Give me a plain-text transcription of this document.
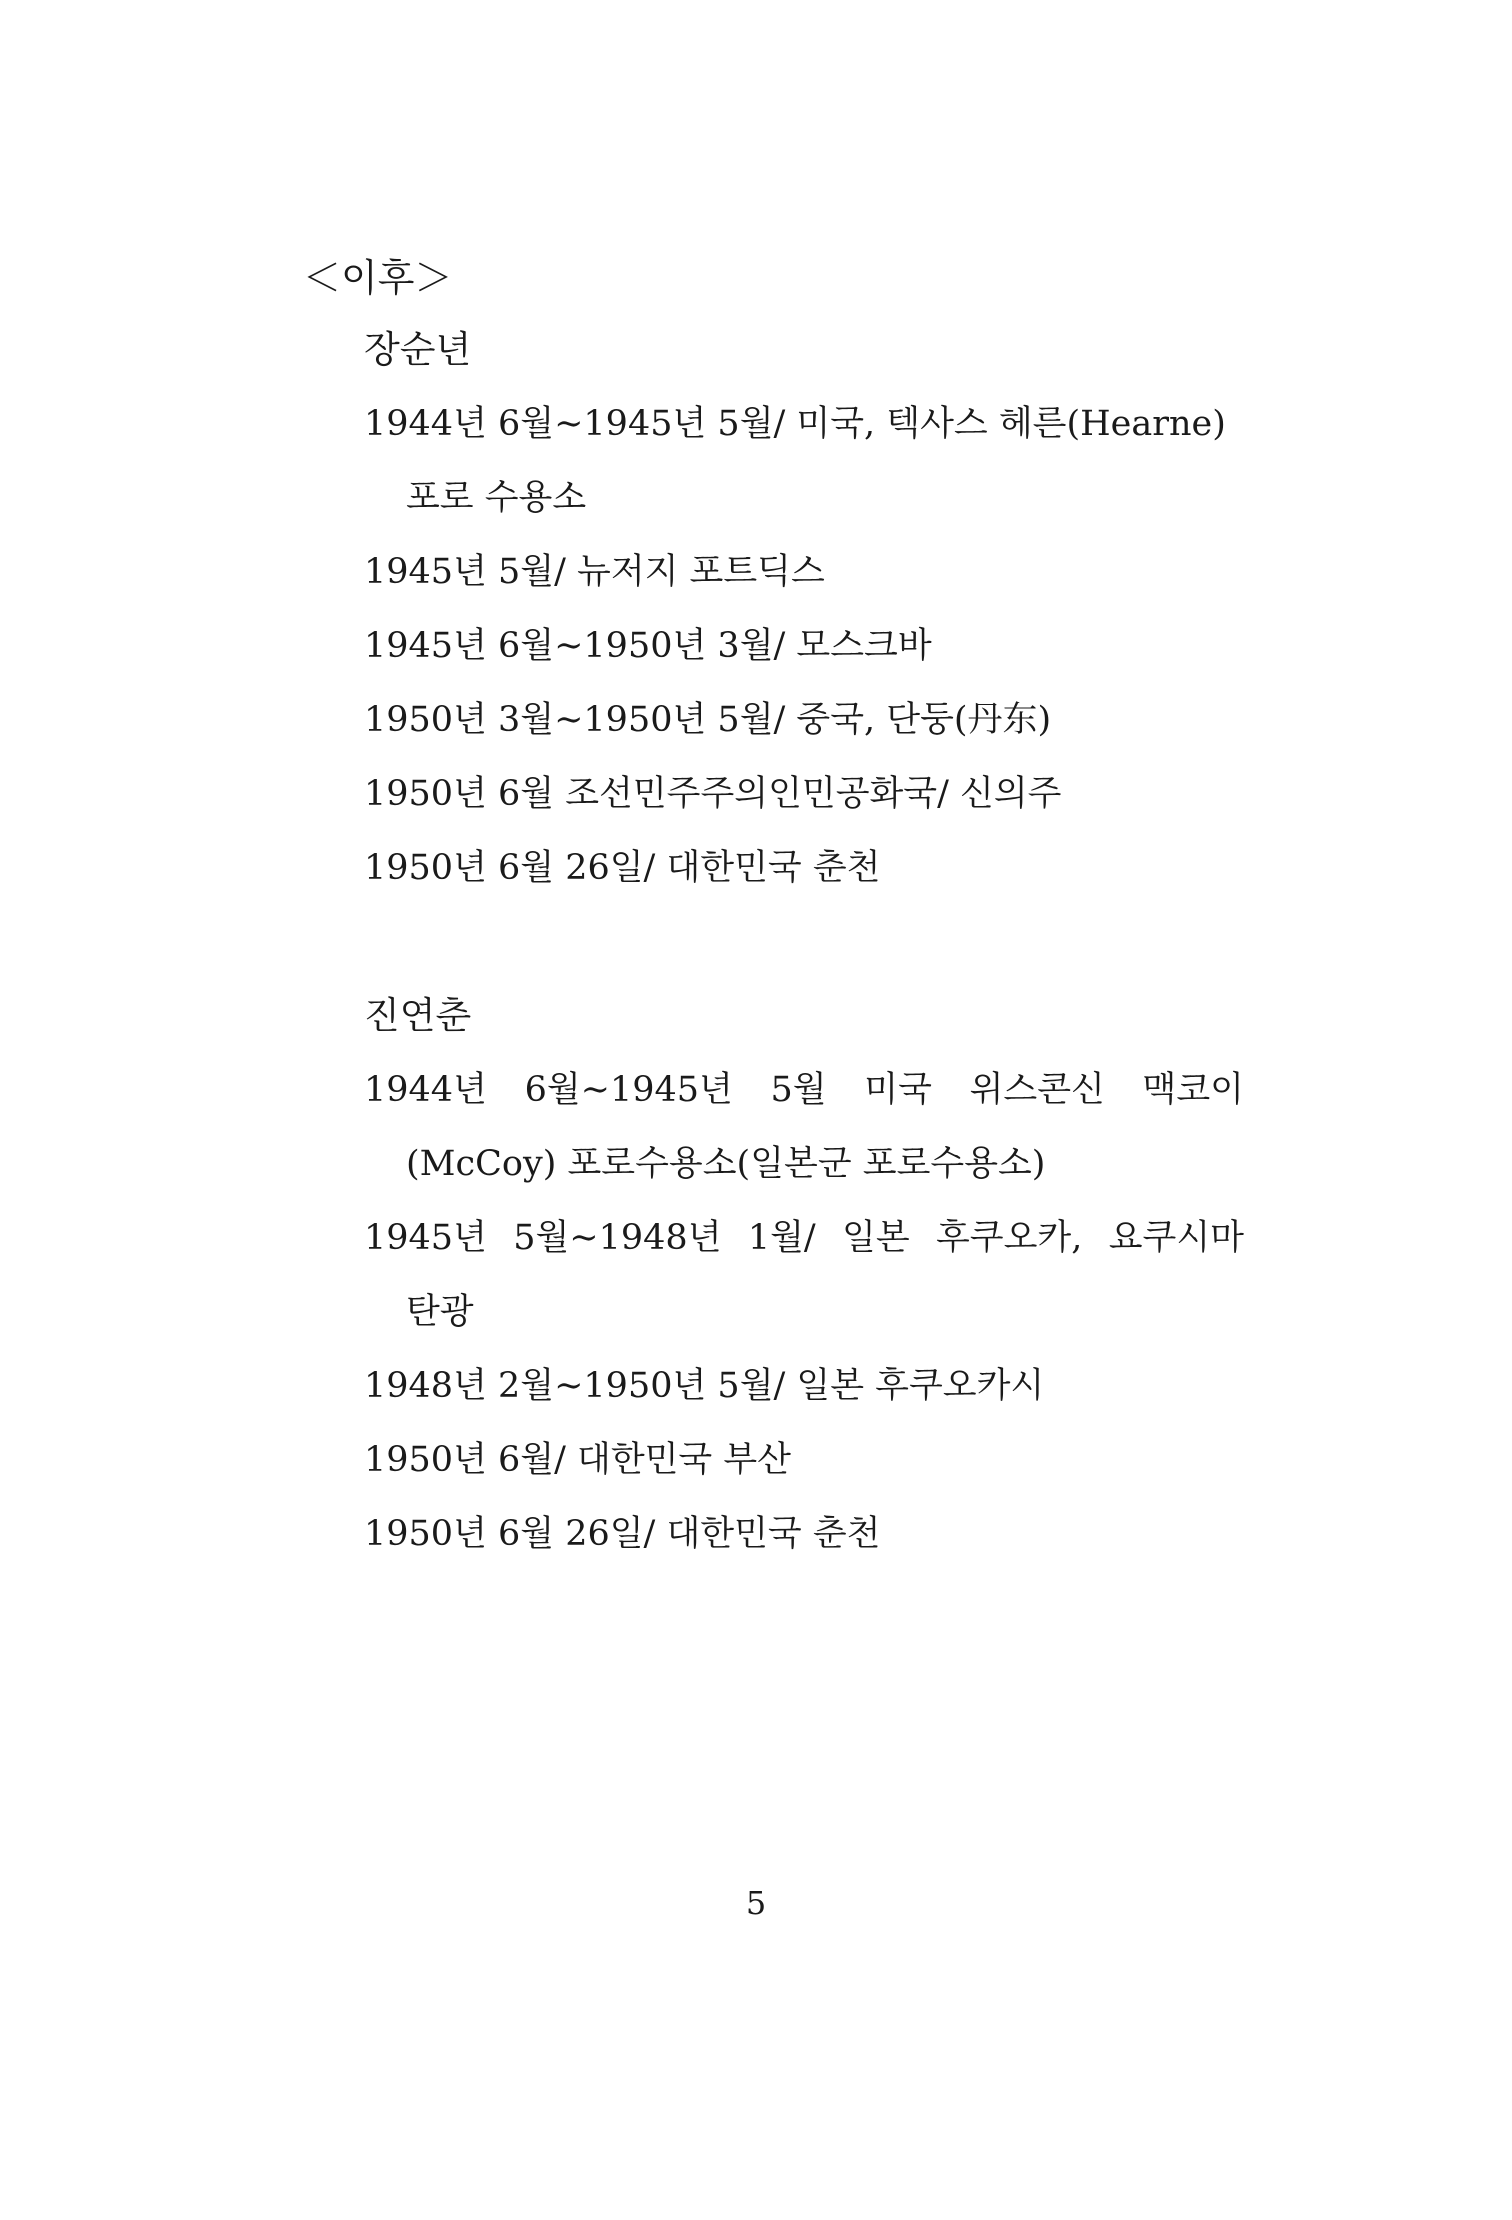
＜이후＞
장순년
1944년 6월∼1945년 5월/ 미국, 텍사스 헤른(Hearne)
포로 수용소
1945년 5월/ 뉴저지 포트딕스
1945년 6월∼1950년 3월/ 모스크바
1950년 3월∼1950년 5월/ 중국, 단둥(丹东)
1950년 6월 조선민주주의인민공화국/ 신의주
1950년 6월 26일/ 대한민국 춘천
진연춘
1944년 6월∼1945년 5월 미국 위스콘신 맥코이
(McCoy) 포로수용소(일본군 포로수용소)
1945년 5월∼1948년 1월/ 일본 후쿠오카, 요쿠시마
탄광
1948년 2월∼1950년 5월/ 일본 후쿠오카시
1950년 6월/ 대한민국 부산
1950년 6월 26일/ 대한민국 춘천
5
